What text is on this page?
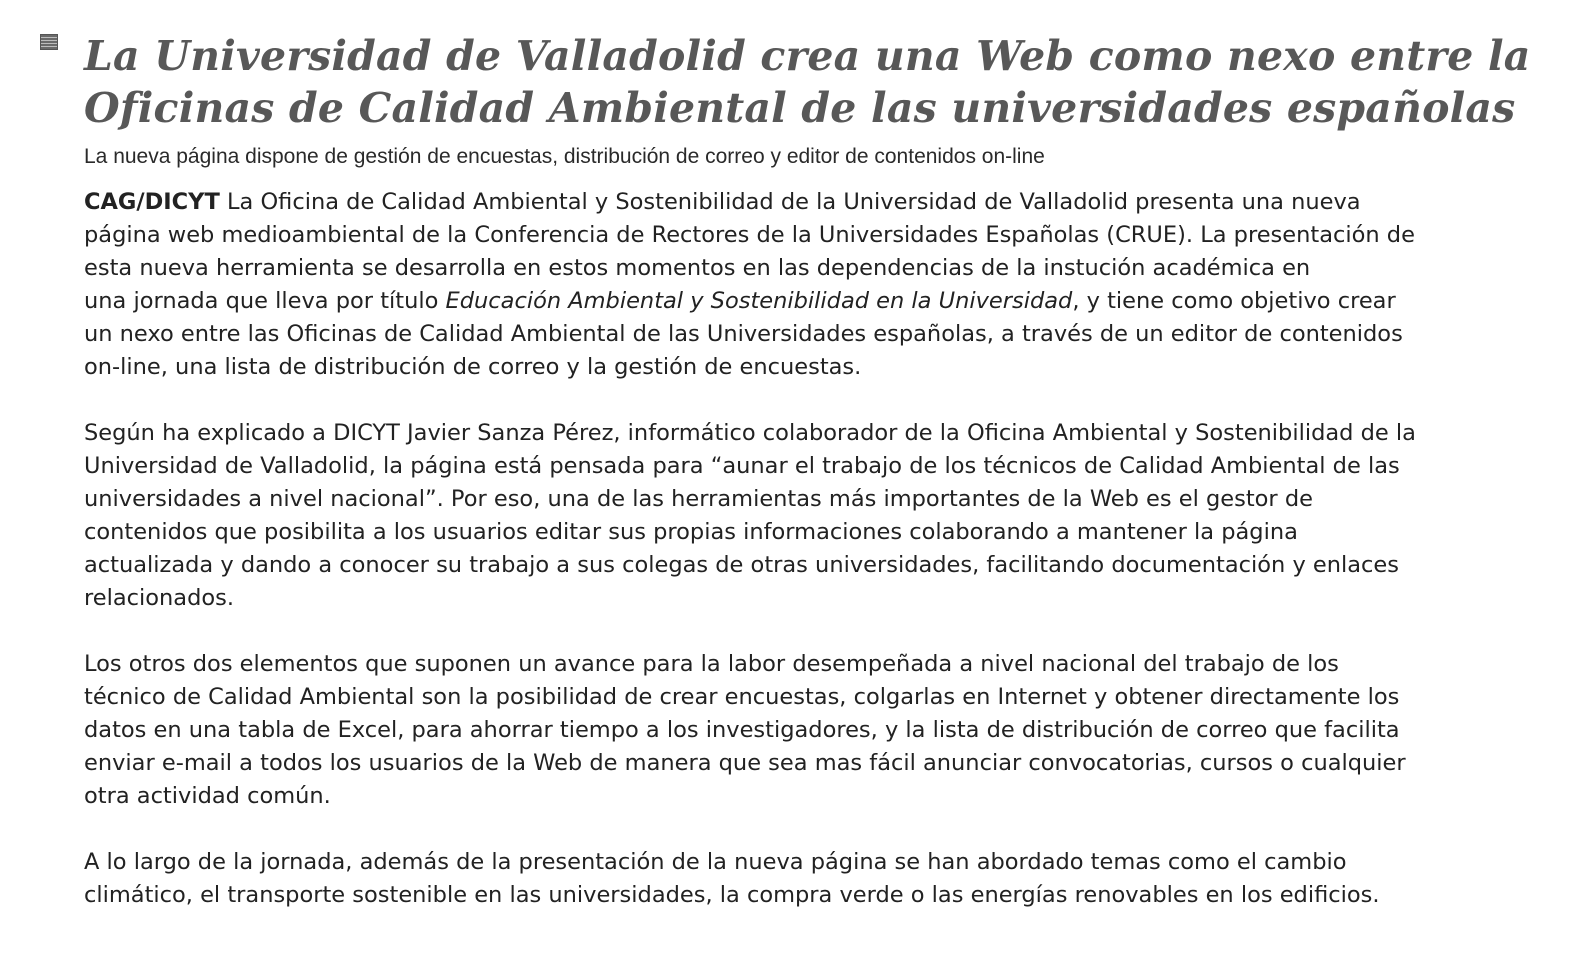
La Universidad de Valladolid crea una Web como nexo entre la
Oficinas de Calidad Ambiental de las universidades españolas

La nueva página dispone de gestión de encuestas, distribución de correo y editor de contenidos on-line

CAG/DICYT La Oficina de Calidad Ambiental y Sostenibilidad de la Universidad de Valladolid presenta una nueva
página web medioambiental de la Conferencia de Rectores de la Universidades Españolas (CRUE). La presentación de
esta nueva herramienta se desarrolla en estos momentos en las dependencias de la instución académica en
una jornada que lleva por título Educación Ambiental y Sostenibilidad en la Universidad, y tiene como objetivo crear
un nexo entre las Oficinas de Calidad Ambiental de las Universidades españolas, a través de un editor de contenidos
on-line, una lista de distribución de correo y la gestión de encuestas.

Según ha explicado a DICYT Javier Sanza Pérez, informático colaborador de la Oficina Ambiental y Sostenibilidad de la
Universidad de Valladolid, la página está pensada para “aunar el trabajo de los técnicos de Calidad Ambiental de las
universidades a nivel nacional”. Por eso, una de las herramientas más importantes de la Web es el gestor de
contenidos que posibilita a los usuarios editar sus propias informaciones colaborando a mantener la página
actualizada y dando a conocer su trabajo a sus colegas de otras universidades, facilitando documentación y enlaces
relacionados.

Los otros dos elementos que suponen un avance para la labor desempeñada a nivel nacional del trabajo de los
técnico de Calidad Ambiental son la posibilidad de crear encuestas, colgarlas en Internet y obtener directamente los
datos en una tabla de Excel, para ahorrar tiempo a los investigadores, y la lista de distribución de correo que facilita
enviar e-mail a todos los usuarios de la Web de manera que sea mas fácil anunciar convocatorias, cursos o cualquier
otra actividad común.

A lo largo de la jornada, además de la presentación de la nueva página se han abordado temas como el cambio
climático, el transporte sostenible en las universidades, la compra verde o las energías renovables en los edificios.
